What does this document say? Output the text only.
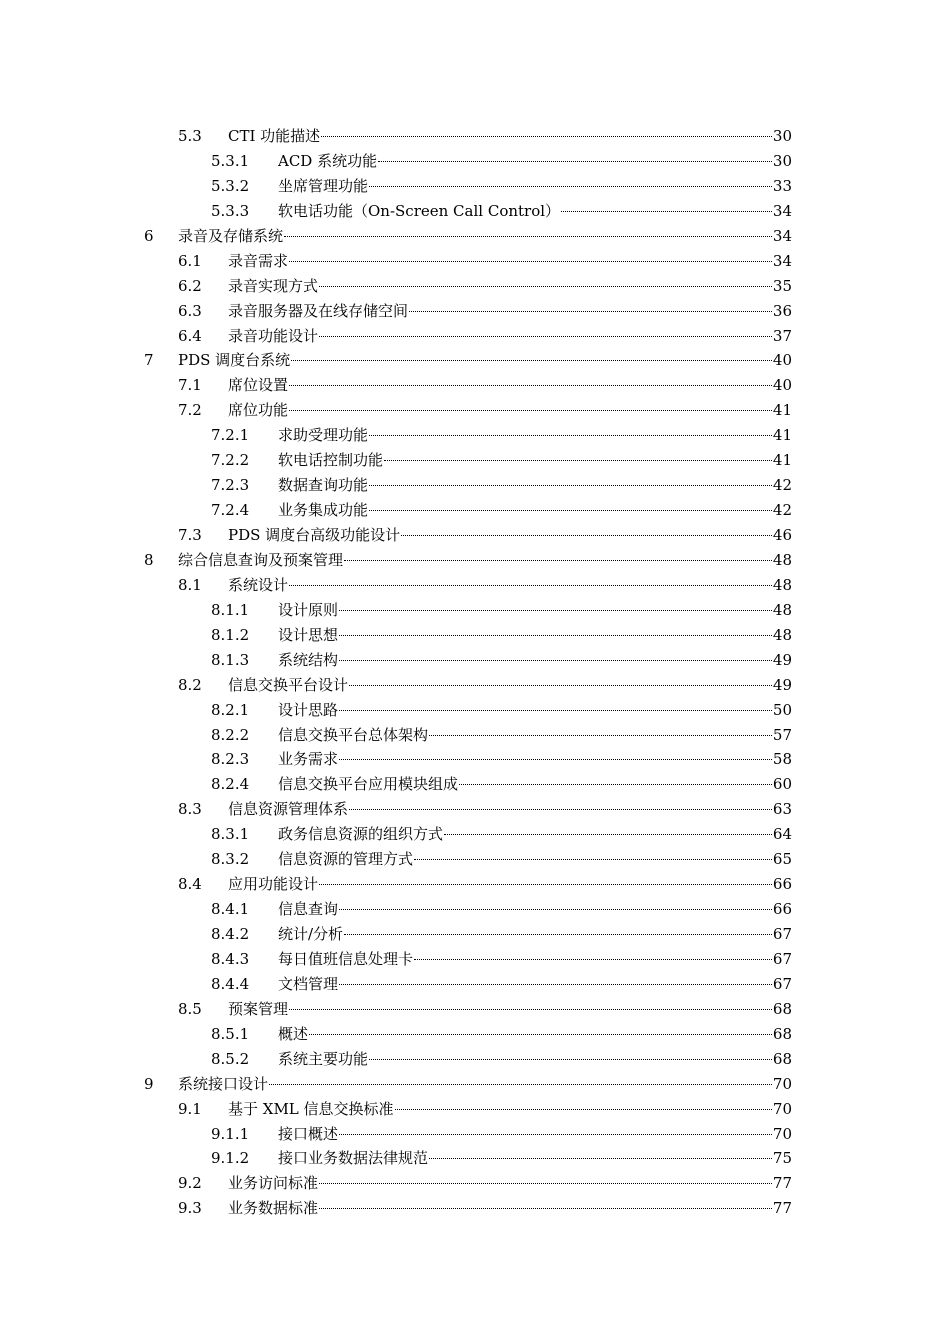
5.3 CTI 功能描述	30
5.3.1 ACD 系统功能	30
5.3.2 坐席管理功能	33
5.3.3 软电话功能（On-Screen Call Control）	34
6 录音及存储系统	34
6.1 录音需求	34
6.2 录音实现方式	35
6.3 录音服务器及在线存储空间	36
6.4 录音功能设计	37
7 PDS 调度台系统	40
7.1 席位设置	40
7.2 席位功能	41
7.2.1 求助受理功能	41
7.2.2 软电话控制功能	41
7.2.3 数据查询功能	42
7.2.4 业务集成功能	42
7.3 PDS 调度台高级功能设计	46
8 综合信息查询及预案管理	48
8.1 系统设计	48
8.1.1 设计原则	48
8.1.2 设计思想	48
8.1.3 系统结构	49
8.2 信息交换平台设计	49
8.2.1 设计思路	50
8.2.2 信息交换平台总体架构	57
8.2.3 业务需求	58
8.2.4 信息交换平台应用模块组成	60
8.3 信息资源管理体系	63
8.3.1 政务信息资源的组织方式	64
8.3.2 信息资源的管理方式	65
8.4 应用功能设计	66
8.4.1 信息查询	66
8.4.2 统计/分析	67
8.4.3 每日值班信息处理卡	67
8.4.4 文档管理	67
8.5 预案管理	68
8.5.1 概述	68
8.5.2 系统主要功能	68
9 系统接口设计	70
9.1 基于 XML 信息交换标准	70
9.1.1 接口概述	70
9.1.2 接口业务数据法律规范	75
9.2 业务访问标准	77
9.3 业务数据标准	77
